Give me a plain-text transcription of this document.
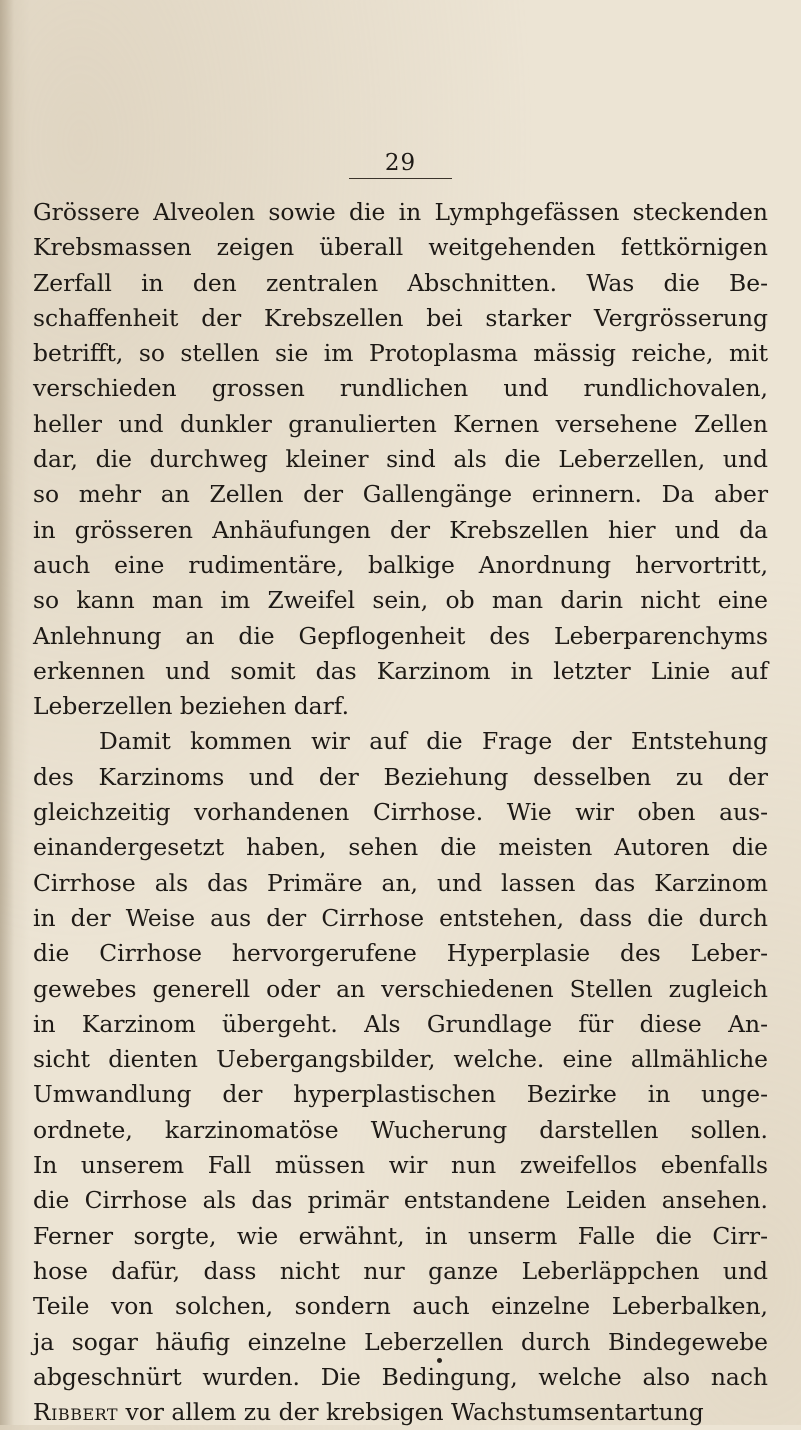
29
Grössere Alveolen sowie die in Lymphgefässen steckenden
Krebsmassen zeigen überall weitgehenden fettkörnigen
Zerfall in den zentralen Abschnitten. Was die Be-
schaffenheit der Krebszellen bei starker Vergrösserung
betrifft, so stellen sie im Protoplasma mässig reiche, mit
verschieden grossen rundlichen und rundlichovalen,
heller und dunkler granulierten Kernen versehene Zellen
dar, die durchweg kleiner sind als die Leberzellen, und
so mehr an Zellen der Gallengänge erinnern. Da aber
in grösseren Anhäufungen der Krebszellen hier und da
auch eine rudimentäre, balkige Anordnung hervortritt,
so kann man im Zweifel sein, ob man darin nicht eine
Anlehnung an die Gepflogenheit des Leberparenchyms
erkennen und somit das Karzinom in letzter Linie auf
Leberzellen beziehen darf.
Damit kommen wir auf die Frage der Entstehung
des Karzinoms und der Beziehung desselben zu der
gleichzeitig vorhandenen Cirrhose. Wie wir oben aus-
einandergesetzt haben, sehen die meisten Autoren die
Cirrhose als das Primäre an, und lassen das Karzinom
in der Weise aus der Cirrhose entstehen, dass die durch
die Cirrhose hervorgerufene Hyperplasie des Leber-
gewebes generell oder an verschiedenen Stellen zugleich
in Karzinom übergeht. Als Grundlage für diese An-
sicht dienten Uebergangsbilder, welche. eine allmähliche
Umwandlung der hyperplastischen Bezirke in unge-
ordnete, karzinomatöse Wucherung darstellen sollen.
In unserem Fall müssen wir nun zweifellos ebenfalls
die Cirrhose als das primär entstandene Leiden ansehen.
Ferner sorgte, wie erwähnt, in unserm Falle die Cirr-
hose dafür, dass nicht nur ganze Leberläppchen und
Teile von solchen, sondern auch einzelne Leberbalken,
ja sogar häufig einzelne Leberzellen durch Bindegewebe
abgeschnürt wurden. Die Bedingung, welche also nach
Ribbert vor allem zu der krebsigen Wachstumsentartung
